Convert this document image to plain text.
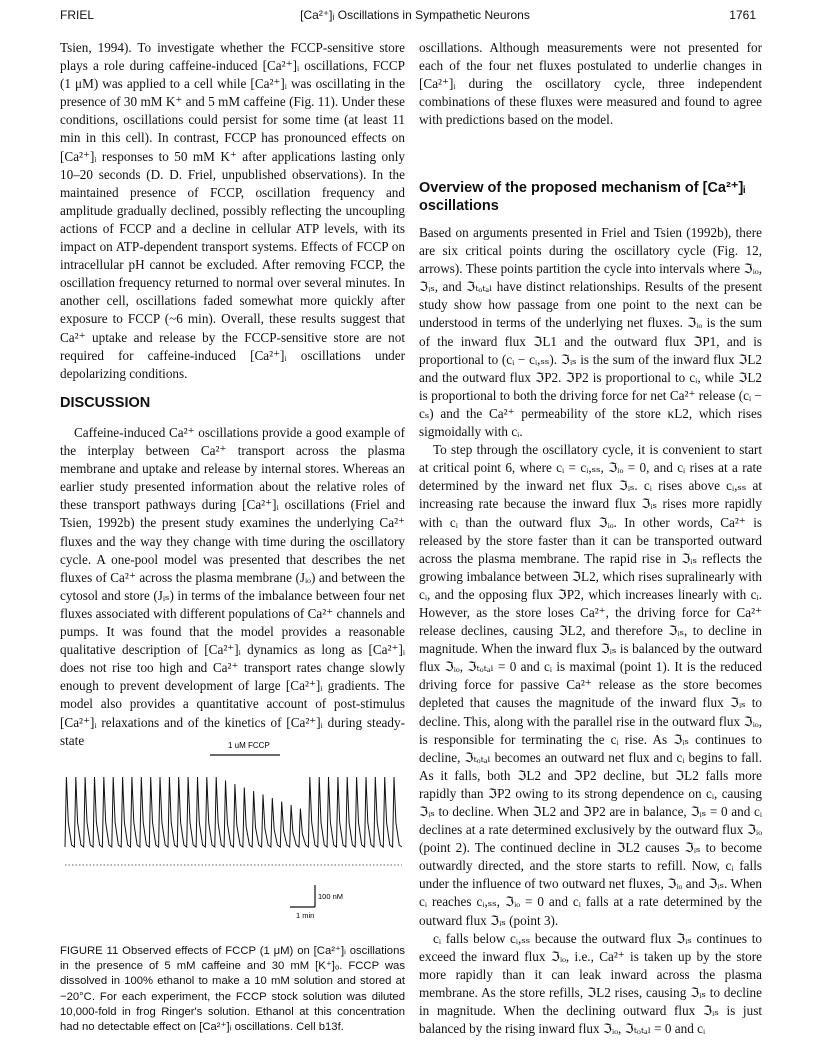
FRIEL	[Ca²⁺]ᵢ Oscillations in Sympathetic Neurons	1761

Tsien, 1994). To investigate whether the FCCP-sensitive store plays a role during caffeine-induced [Ca²⁺]ᵢ oscillations, FCCP (1 μM) was applied to a cell while [Ca²⁺]ᵢ was oscillating in the presence of 30 mM K⁺ and 5 mM caffeine (Fig. 11). Under these conditions, oscillations could persist for some time (at least 11 min in this cell). In contrast, FCCP has pronounced effects on [Ca²⁺]ᵢ responses to 50 mM K⁺ after applications lasting only 10–20 seconds (D. D. Friel, unpublished observations). In the maintained presence of FCCP, oscillation frequency and amplitude gradually declined, possibly reflecting the uncoupling actions of FCCP and a decline in cellular ATP levels, with its impact on ATP-dependent transport systems. Effects of FCCP on intracellular pH cannot be excluded. After removing FCCP, the oscillation frequency returned to normal over several minutes. In another cell, oscillations faded somewhat more quickly after exposure to FCCP (~6 min). Overall, these results suggest that Ca²⁺ uptake and release by the FCCP-sensitive store are not required for caffeine-induced [Ca²⁺]ᵢ oscillations under depolarizing conditions.

DISCUSSION
Caffeine-induced Ca²⁺ oscillations provide a good example of the interplay between Ca²⁺ transport across the plasma membrane and uptake and release by internal stores. Whereas an earlier study presented information about the relative roles of these transport pathways during [Ca²⁺]ᵢ oscillations (Friel and Tsien, 1992b) the present study examines the underlying Ca²⁺ fluxes and the way they change with time during the oscillatory cycle. A one-pool model was presented that describes the net fluxes of Ca²⁺ across the plasma membrane (Jᵢₒ) and between the cytosol and store (Jᵢₛ) in terms of the imbalance between four net fluxes associated with different populations of Ca²⁺ channels and pumps. It was found that the model provides a reasonable qualitative description of [Ca²⁺]ᵢ dynamics as long as [Ca²⁺]ᵢ does not rise too high and Ca²⁺ transport rates change slowly enough to prevent development of large [Ca²⁺]ᵢ gradients. The model also provides a quantitative account of post-stimulus [Ca²⁺]ᵢ relaxations and of the kinetics of [Ca²⁺]ᵢ during steady-state	1 uM FCCP
100 nM
1 min
FIGURE 11 Observed effects of FCCP (1 μM) on [Ca²⁺]ᵢ oscillations in the presence of 5 mM caffeine and 30 mM [K⁺]ₒ. FCCP was dissolved in 100% ethanol to make a 10 mM solution and stored at −20°C. For each experiment, the FCCP stock solution was diluted 10,000-fold in frog Ringer's solution. Ethanol at this concentration had no detectable effect on [Ca²⁺]ᵢ oscillations. Cell b13f.

oscillations. Although measurements were not presented for each of the four net fluxes postulated to underlie changes in [Ca²⁺]ᵢ during the oscillatory cycle, three independent combinations of these fluxes were measured and found to agree with predictions based on the model.

Overview of the proposed mechanism of [Ca²⁺]ᵢ oscillations

Based on arguments presented in Friel and Tsien (1992b), there are six critical points during the oscillatory cycle (Fig. 12, arrows). These points partition the cycle into intervals where ℑᵢₒ, ℑᵢₛ, and ℑₜₒₜₐₗ have distinct relationships. Results of the present study show how passage from one point to the next can be understood in terms of the underlying net fluxes. ℑᵢₒ is the sum of the inward flux ℑL1 and the outward flux ℑP1, and is proportional to (cᵢ − cᵢ,ₛₛ). ℑᵢₛ is the sum of the inward flux ℑL2 and the outward flux ℑP2. ℑP2 is proportional to cᵢ, while ℑL2 is proportional to both the driving force for net Ca²⁺ release (cᵢ − cₛ) and the Ca²⁺ permeability of the store κL2, which rises sigmoidally with cᵢ.

To step through the oscillatory cycle, it is convenient to start at critical point 6, where cᵢ = cᵢ,ₛₛ, ℑᵢₒ = 0, and cᵢ rises at a rate determined by the inward net flux ℑᵢₛ. cᵢ rises above cᵢ,ₛₛ at increasing rate because the inward flux ℑᵢₛ rises more rapidly with cᵢ than the outward flux ℑᵢₒ. In other words, Ca²⁺ is released by the store faster than it can be transported outward across the plasma membrane. The rapid rise in ℑᵢₛ reflects the growing imbalance between ℑL2, which rises supralinearly with cᵢ, and the opposing flux ℑP2, which increases linearly with cᵢ. However, as the store loses Ca²⁺, the driving force for Ca²⁺ release declines, causing ℑL2, and therefore ℑᵢₛ, to decline in magnitude. When the inward flux ℑᵢₛ is balanced by the outward flux ℑᵢₒ, ℑₜₒₜₐₗ = 0 and cᵢ is maximal (point 1). It is the reduced driving force for passive Ca²⁺ release as the store becomes depleted that causes the magnitude of the inward flux ℑᵢₛ to decline. This, along with the parallel rise in the outward flux ℑᵢₒ, is responsible for terminating the cᵢ rise. As ℑᵢₛ continues to decline, ℑₜₒₜₐₗ becomes an outward net flux and cᵢ begins to fall. As it falls, both ℑL2 and ℑP2 decline, but ℑL2 falls more rapidly than ℑP2 owing to its strong dependence on cᵢ, causing ℑᵢₛ to decline. When ℑL2 and ℑP2 are in balance, ℑᵢₛ = 0 and cᵢ declines at a rate determined exclusively by the outward flux ℑᵢₒ (point 2). The continued decline in ℑL2 causes ℑᵢₛ to become outwardly directed, and the store starts to refill. Now, cᵢ falls under the influence of two outward net fluxes, ℑᵢₒ and ℑᵢₛ. When cᵢ reaches cᵢ,ₛₛ, ℑᵢₒ = 0 and cᵢ falls at a rate determined by the outward flux ℑᵢₛ (point 3).

cᵢ falls below cᵢ,ₛₛ because the outward flux ℑᵢₛ continues to exceed the inward flux ℑᵢₒ, i.e., Ca²⁺ is taken up by the store more rapidly than it can leak inward across the plasma membrane. As the store refills, ℑL2 rises, causing ℑᵢₛ to decline in magnitude. When the declining outward flux ℑᵢₛ is just balanced by the rising inward flux ℑᵢₒ, ℑₜₒₜₐₗ = 0 and cᵢ
